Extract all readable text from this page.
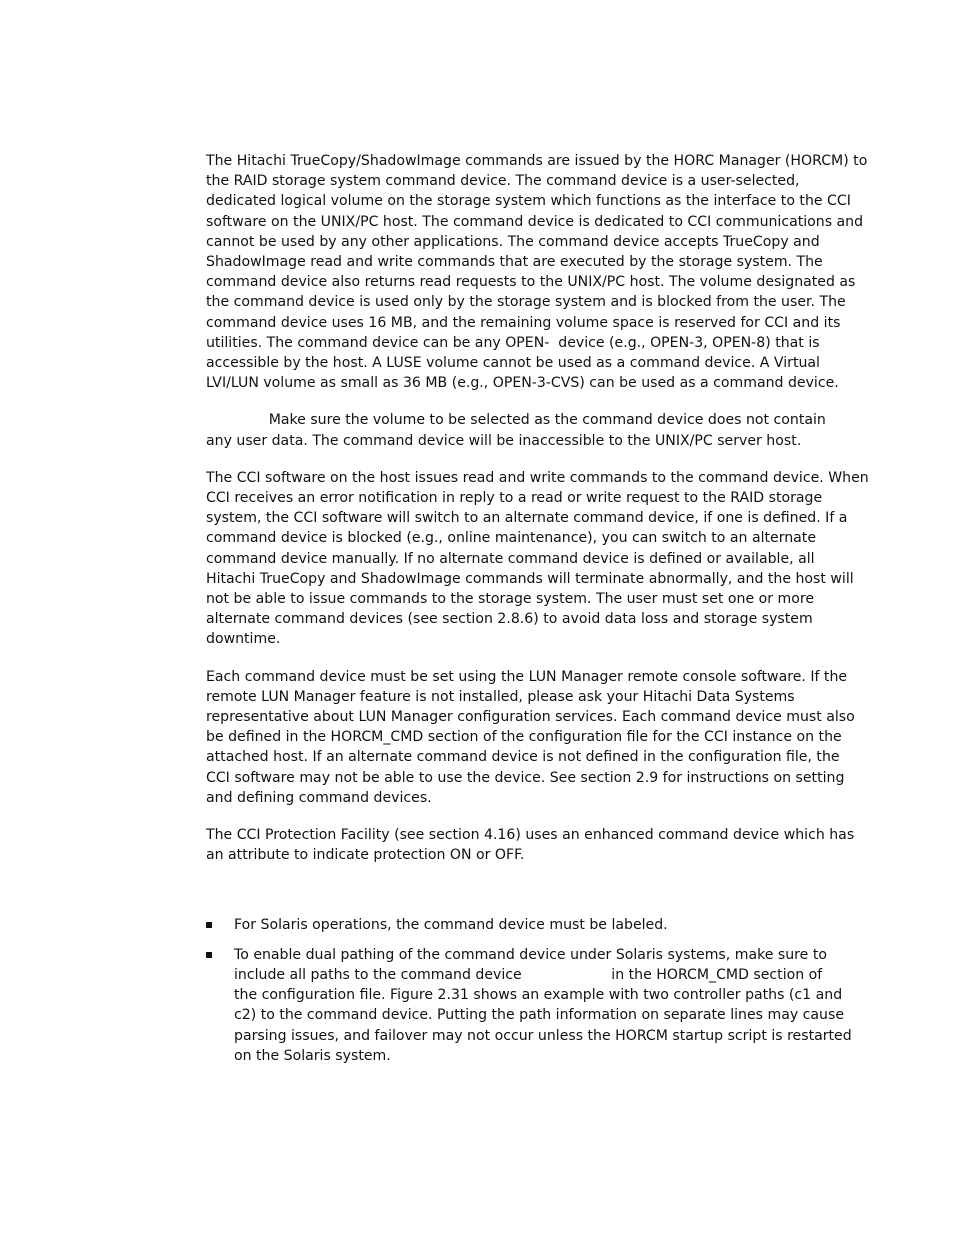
The Hitachi TrueCopy/ShadowImage commands are issued by the HORC Manager (HORCM) to
the RAID storage system command device. The command device is a user-selected,
dedicated logical volume on the storage system which functions as the interface to the CCI
software on the UNIX/PC host. The command device is dedicated to CCI communications and
cannot be used by any other applications. The command device accepts TrueCopy and
ShadowImage read and write commands that are executed by the storage system. The
command device also returns read requests to the UNIX/PC host. The volume designated as
the command device is used only by the storage system and is blocked from the user. The
command device uses 16 MB, and the remaining volume space is reserved for CCI and its
utilities. The command device can be any OPEN-  device (e.g., OPEN-3, OPEN-8) that is
accessible by the host. A LUSE volume cannot be used as a command device. A Virtual
LVI/LUN volume as small as 36 MB (e.g., OPEN-3-CVS) can be used as a command device.
Make sure the volume to be selected as the command device does not contain
any user data. The command device will be inaccessible to the UNIX/PC server host.
The CCI software on the host issues read and write commands to the command device. When
CCI receives an error notification in reply to a read or write request to the RAID storage
system, the CCI software will switch to an alternate command device, if one is defined. If a
command device is blocked (e.g., online maintenance), you can switch to an alternate
command device manually. If no alternate command device is defined or available, all
Hitachi TrueCopy and ShadowImage commands will terminate abnormally, and the host will
not be able to issue commands to the storage system. The user must set one or more
alternate command devices (see section 2.8.6) to avoid data loss and storage system
downtime.
Each command device must be set using the LUN Manager remote console software. If the
remote LUN Manager feature is not installed, please ask your Hitachi Data Systems
representative about LUN Manager configuration services. Each command device must also
be defined in the HORCM_CMD section of the configuration file for the CCI instance on the
attached host. If an alternate command device is not defined in the configuration file, the
CCI software may not be able to use the device. See section 2.9 for instructions on setting
and defining command devices.
The CCI Protection Facility (see section 4.16) uses an enhanced command device which has
an attribute to indicate protection ON or OFF.
For Solaris operations, the command device must be labeled.
To enable dual pathing of the command device under Solaris systems, make sure to
include all paths to the command device                    in the HORCM_CMD section of
the configuration file. Figure 2.31 shows an example with two controller paths (c1 and
c2) to the command device. Putting the path information on separate lines may cause
parsing issues, and failover may not occur unless the HORCM startup script is restarted
on the Solaris system.
